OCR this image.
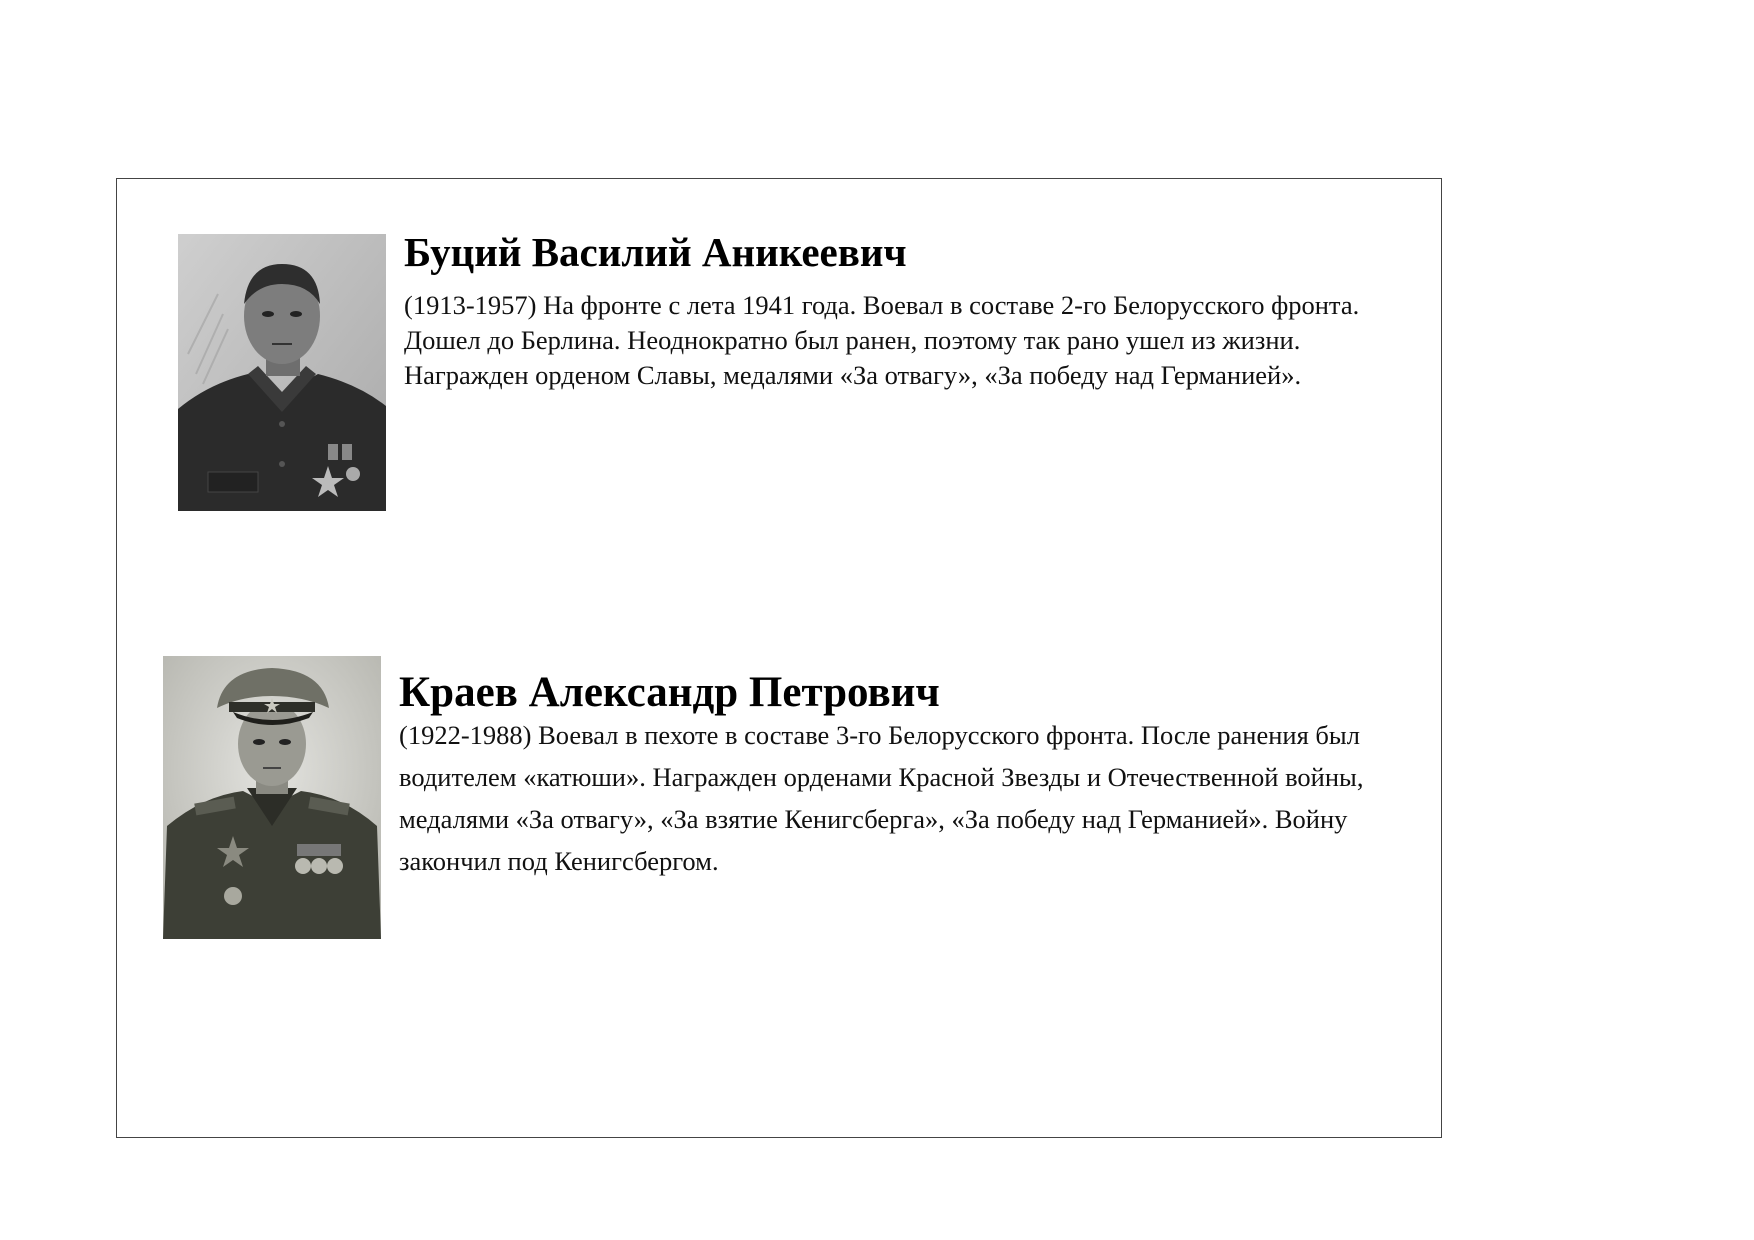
Буций Василий Аникеевич

(1913-1957) На фронте с лета 1941 года. Воевал в составе 2-го Белорусского фронта. Дошел до Берлина. Неоднократно был ранен, поэтому так рано ушел из жизни. Награжден орденом Славы, медалями «За отвагу», «За победу над Германией».

Краев Александр Петрович

(1922-1988) Воевал в пехоте в составе 3-го Белорусского фронта. После ранения был водителем «катюши». Награжден орденами Красной Звезды и Отечественной войны, медалями «За отвагу», «За взятие Кенигсберга», «За победу над Германией». Войну закончил под Кенигсбергом.
